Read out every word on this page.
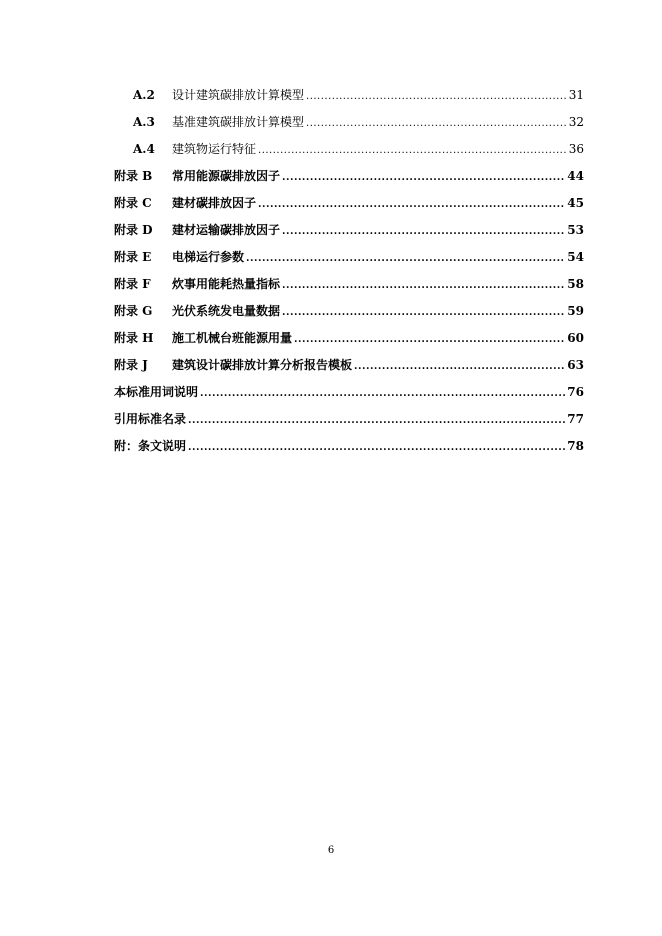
A.2	设计建筑碳排放计算模型 .....	31
A.3	基准建筑碳排放计算模型 .....	32
A.4	建筑物运行特征 .....	36
附录 B	常用能源碳排放因子 .....	44
附录 C	建材碳排放因子 .....	45
附录 D	建材运输碳排放因子 .....	53
附录 E	电梯运行参数 .....	54
附录 F	炊事用能耗热量指标 .....	58
附录 G	光伏系统发电量数据 .....	59
附录 H	施工机械台班能源用量 .....	60
附录 J	建筑设计碳排放计算分析报告模板 .....	63
本标准用词说明 .....	76
引用标准名录 .....	77
附：条文说明 .....	78
6
